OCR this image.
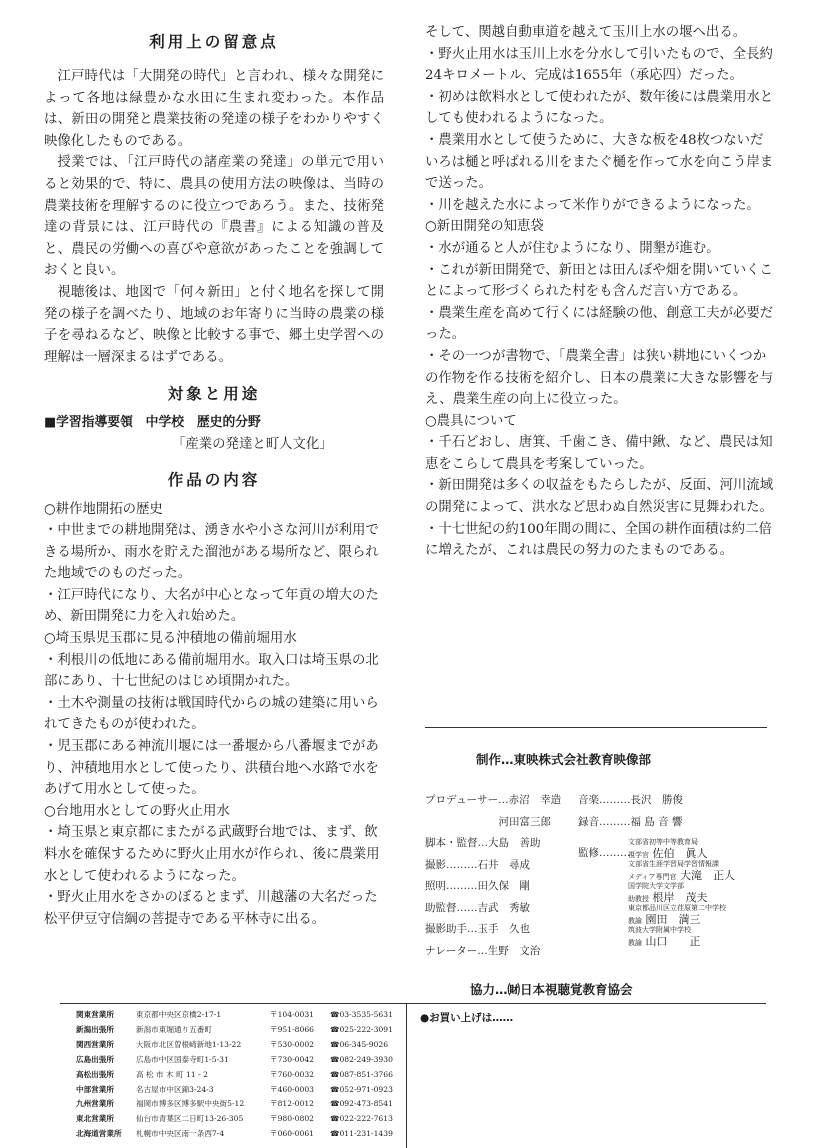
利用上の留意点

江戸時代は「大開発の時代」と言われ、様々な開発によって各地は緑豊かな水田に生まれ変わった。本作品は、新田の開発と農業技術の発達の様子をわかりやすく映像化したものである。

授業では、「江戸時代の諸産業の発達」の単元で用いると効果的で、特に、農具の使用方法の映像は、当時の農業技術を理解するのに役立つであろう。また、技術発達の背景には、江戸時代の『農書』による知識の普及と、農民の労働への喜びや意欲があったことを強調しておくと良い。

視聴後は、地図で「何々新田」と付く地名を探して開発の様子を調べたり、地域のお年寄りに当時の農業の様子を尋ねるなど、映像と比較する事で、郷土史学習への理解は一層深まるはずである。

対象と用途
■学習指導要領　中学校　歴史的分野
「産業の発達と町人文化」
作品の内容
○耕作地開拓の歴史
・中世までの耕地開発は、湧き水や小さな河川が利用できる場所か、雨水を貯えた溜池がある場所など、限られた地域でのものだった。
・江戸時代になり、大名が中心となって年貢の増大のため、新田開発に力を入れ始めた。
○埼玉県児玉郡に見る沖積地の備前堀用水
・利根川の低地にある備前堀用水。取入口は埼玉県の北部にあり、十七世紀のはじめ頃開かれた。
・土木や測量の技術は戦国時代からの城の建築に用いられてきたものが使われた。
・児玉郡にある神流川堰には一番堰から八番堰までがあり、沖積地用水として使ったり、洪積台地へ水路で水をあげて用水として使った。
○台地用水としての野火止用水
・埼玉県と東京都にまたがる武蔵野台地では、まず、飲料水を確保するために野火止用水が作られ、後に農業用水として使われるようになった。
・野火止用水をさかのぼるとまず、川越藩の大名だった松平伊豆守信綱の菩提寺である平林寺に出る。
そして、関越自動車道を越えて玉川上水の堰へ出る。
・野火止用水は玉川上水を分水して引いたもので、全長約24キロメートル、完成は1655年（承応四）だった。
・初めは飲料水として使われたが、数年後には農業用水としても使われるようになった。
・農業用水として使うために、大きな板を48枚つないだいろは樋と呼ばれる川をまたぐ樋を作って水を向こう岸まで送った。
・川を越えた水によって米作りができるようになった。
○新田開発の知恵袋
・水が通ると人が住むようになり、開墾が進む。
・これが新田開発で、新田とは田んぼや畑を開いていくことによって形づくられた村をも含んだ言い方である。
・農業生産を高めて行くには経験の他、創意工夫が必要だった。
・その一つが書物で、「農業全書」は狭い耕地にいくつかの作物を作る技術を紹介し、日本の農業に大きな影響を与え、農業生産の向上に役立った。
○農具について
・千石どおし、唐箕、千歯こき、備中鍬、など、農民は知恵をこらして農具を考案していった。
・新田開発は多くの収益をもたらしたが、反面、河川流域の開発によって、洪水など思わぬ自然災害に見舞われた。
・十七世紀の約100年間の間に、全国の耕作面積は約二倍に増えたが、これは農民の努力のたまものである。
制作…東映株式会社教育映像部
プロデューサー…赤沼　幸造
　　　　　　　河田富三郎
脚本・監督…大島　善助
撮影………石井　尋成
照明………田久保　剛
助監督……吉武　秀敏
撮影助手…玉手　久也
ナレーター…生野　文治
音楽………長沢　勝俊
録音………福 島 音 響
監修………
文部省初等中等教育局
視学官 佐伯　眞人
文部省生涯学習局学習情報課
メディア専門官 大滝　正人
国学院大学文学部
助教授 根岸　茂夫
東京都品川区立荏原第二中学校
教諭 園田　満三
筑波大学附属中学校
教諭 山口　　正
協力…㈶日本視聴覚教育協会
関東営業所	東京都中央区京橋2-17-1	〒104-0031	☎03-3535-5631
新潟出張所	新潟市東堀通り五番町	〒951-8066	☎025-222-3091
関西営業所	大阪市北区曽根崎新地1-13-22	〒530-0002	☎06-345-9026
広島出張所	広島市中区国泰寺町1-5-31	〒730-0042	☎082-249-3930
高松出張所	高 松 市 木 町 11 - 2	〒760-0032	☎087-851-3766
中部営業所	名古屋市中区錦3-24-3	〒460-0003	☎052-971-0923
九州営業所	福岡市博多区博多駅中央街5-12	〒812-0012	☎092-473-8541
東北営業所	仙台市青葉区二日町13-26-305	〒980-0802	☎022-222-7613
北海道営業所	札幌市中央区南一条西7-4	〒060-0061	☎011-231-1439
●お買い上げは……
